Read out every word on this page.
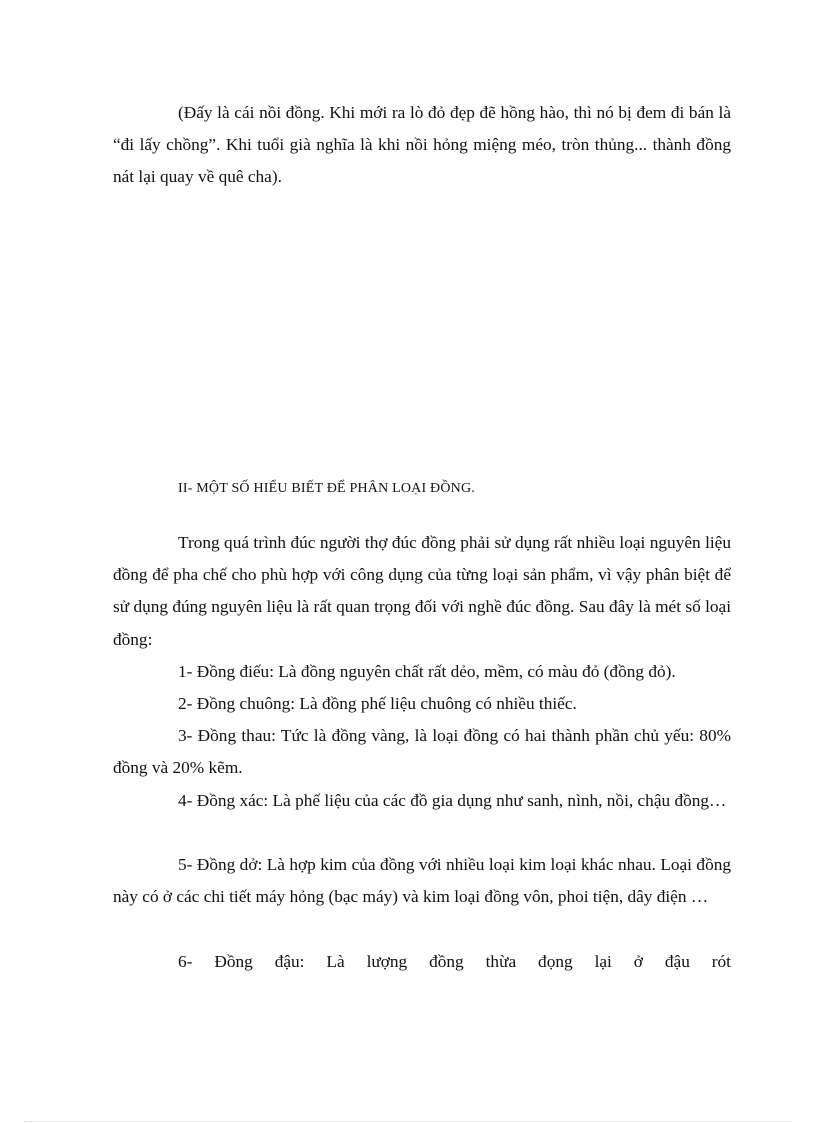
(Đấy là cái nồi đồng. Khi mới ra lò đỏ đẹp đẽ hồng hào, thì nó bị đem đi bán là “đi lấy chồng”. Khi tuổi già nghĩa là khi nồi hỏng miệng méo, tròn thủng... thành đồng nát lại quay về quê cha).

II- MỘT SỐ HIỂU BIẾT ĐỂ PHÂN LOẠI ĐỒNG.

Trong quá trình đúc người thợ đúc đồng phải sử dụng rất nhiều loại nguyên liệu đồng để pha chế cho phù hợp với công dụng của từng loại sản phẩm, vì vậy phân biệt để sử dụng đúng nguyên liệu là rất quan trọng đối với nghề đúc đồng. Sau đây là mét số loại đồng:

1- Đồng điếu: Là đồng nguyên chất rất dẻo, mềm, có màu đỏ (đồng đỏ).

2- Đồng chuông: Là đồng phế liệu chuông có nhiều thiếc.

3- Đồng thau: Tức là đồng vàng, là loại đồng có hai thành phần chủ yếu: 80% đồng và 20% kẽm.

4- Đồng xác: Là phế liệu của các đồ gia dụng như sanh, nình, nồi, chậu đồng…

5- Đồng dở: Là hợp kim của đồng với nhiều loại kim loại khác nhau. Loại đồng này có ở các chi tiết máy hỏng (bạc máy) và kim loại đồng vôn, phoi tiện, dây điện …

6- Đồng đậu: Là lượng đồng thừa đọng lại ở đậu rót
